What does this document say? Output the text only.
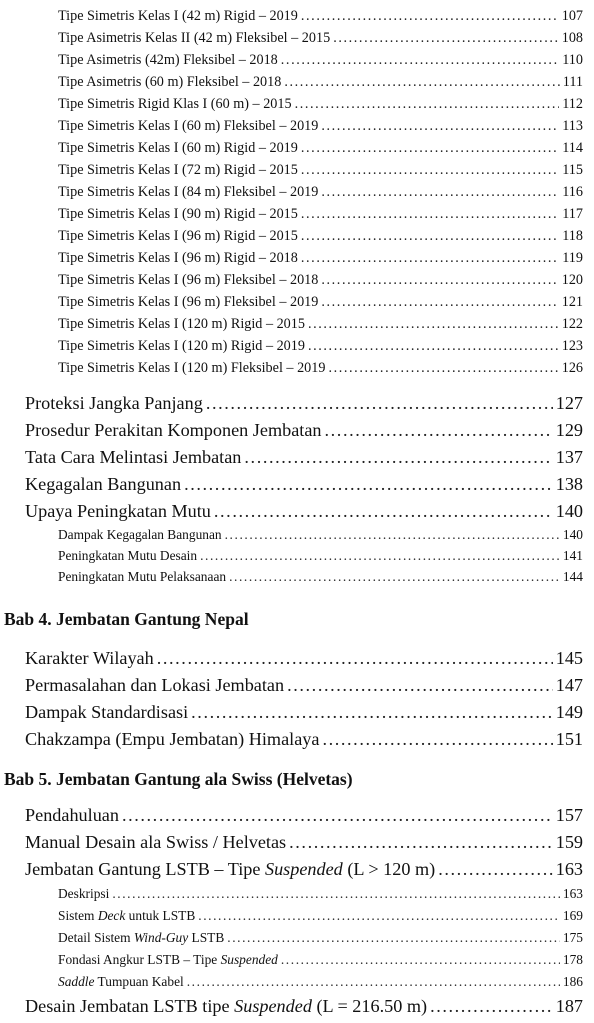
Tipe Simetris Kelas I (42 m) Rigid – 2019 .....	107
Tipe Asimetris Kelas II (42 m) Fleksibel – 2015 .....	108
Tipe Asimetris (42m) Fleksibel – 2018 .....	110
Tipe Asimetris (60 m) Fleksibel – 2018 .....	111
Tipe Simetris Rigid Klas I (60 m) – 2015 .....	112
Tipe Simetris Kelas I (60 m) Fleksibel – 2019 .....	113
Tipe Simetris Kelas I (60 m) Rigid – 2019 .....	114
Tipe Simetris Kelas I (72 m) Rigid – 2015 .....	115
Tipe Simetris Kelas I (84 m) Fleksibel – 2019 .....	116
Tipe Simetris Kelas I (90 m) Rigid – 2015 .....	117
Tipe Simetris Kelas I (96 m) Rigid – 2015 .....	118
Tipe Simetris Kelas I (96 m) Rigid – 2018 .....	119
Tipe Simetris Kelas I (96 m) Fleksibel – 2018 .....	120
Tipe Simetris Kelas I (96 m) Fleksibel – 2019 .....	121
Tipe Simetris Kelas I (120 m) Rigid – 2015 .....	122
Tipe Simetris Kelas I (120 m) Rigid – 2019 .....	123
Tipe Simetris Kelas I (120 m) Fleksibel – 2019 .....	126
Proteksi Jangka Panjang .....	127
Prosedur Perakitan Komponen Jembatan .....	129
Tata Cara Melintasi Jembatan .....	137
Kegagalan Bangunan .....	138
Upaya Peningkatan Mutu .....	140
Dampak Kegagalan Bangunan .....	140
Peningkatan Mutu Desain .....	141
Peningkatan Mutu Pelaksanaan .....	144
Bab 4. Jembatan Gantung Nepal
Karakter Wilayah .....	145
Permasalahan dan Lokasi Jembatan .....	147
Dampak Standardisasi .....	149
Chakzampa (Empu Jembatan) Himalaya .....	151
Bab 5. Jembatan Gantung ala Swiss (Helvetas)
Pendahuluan .....	157
Manual Desain ala Swiss / Helvetas .....	159
Jembatan Gantung LSTB – Tipe Suspended (L > 120 m) .....	163
Deskripsi .....	163
Sistem Deck untuk LSTB .....	169
Detail Sistem Wind-Guy LSTB .....	175
Fondasi Angkur LSTB – Tipe Suspended .....	178
Saddle Tumpuan Kabel .....	186
Desain Jembatan LSTB tipe Suspended (L = 216.50 m) .....	187
